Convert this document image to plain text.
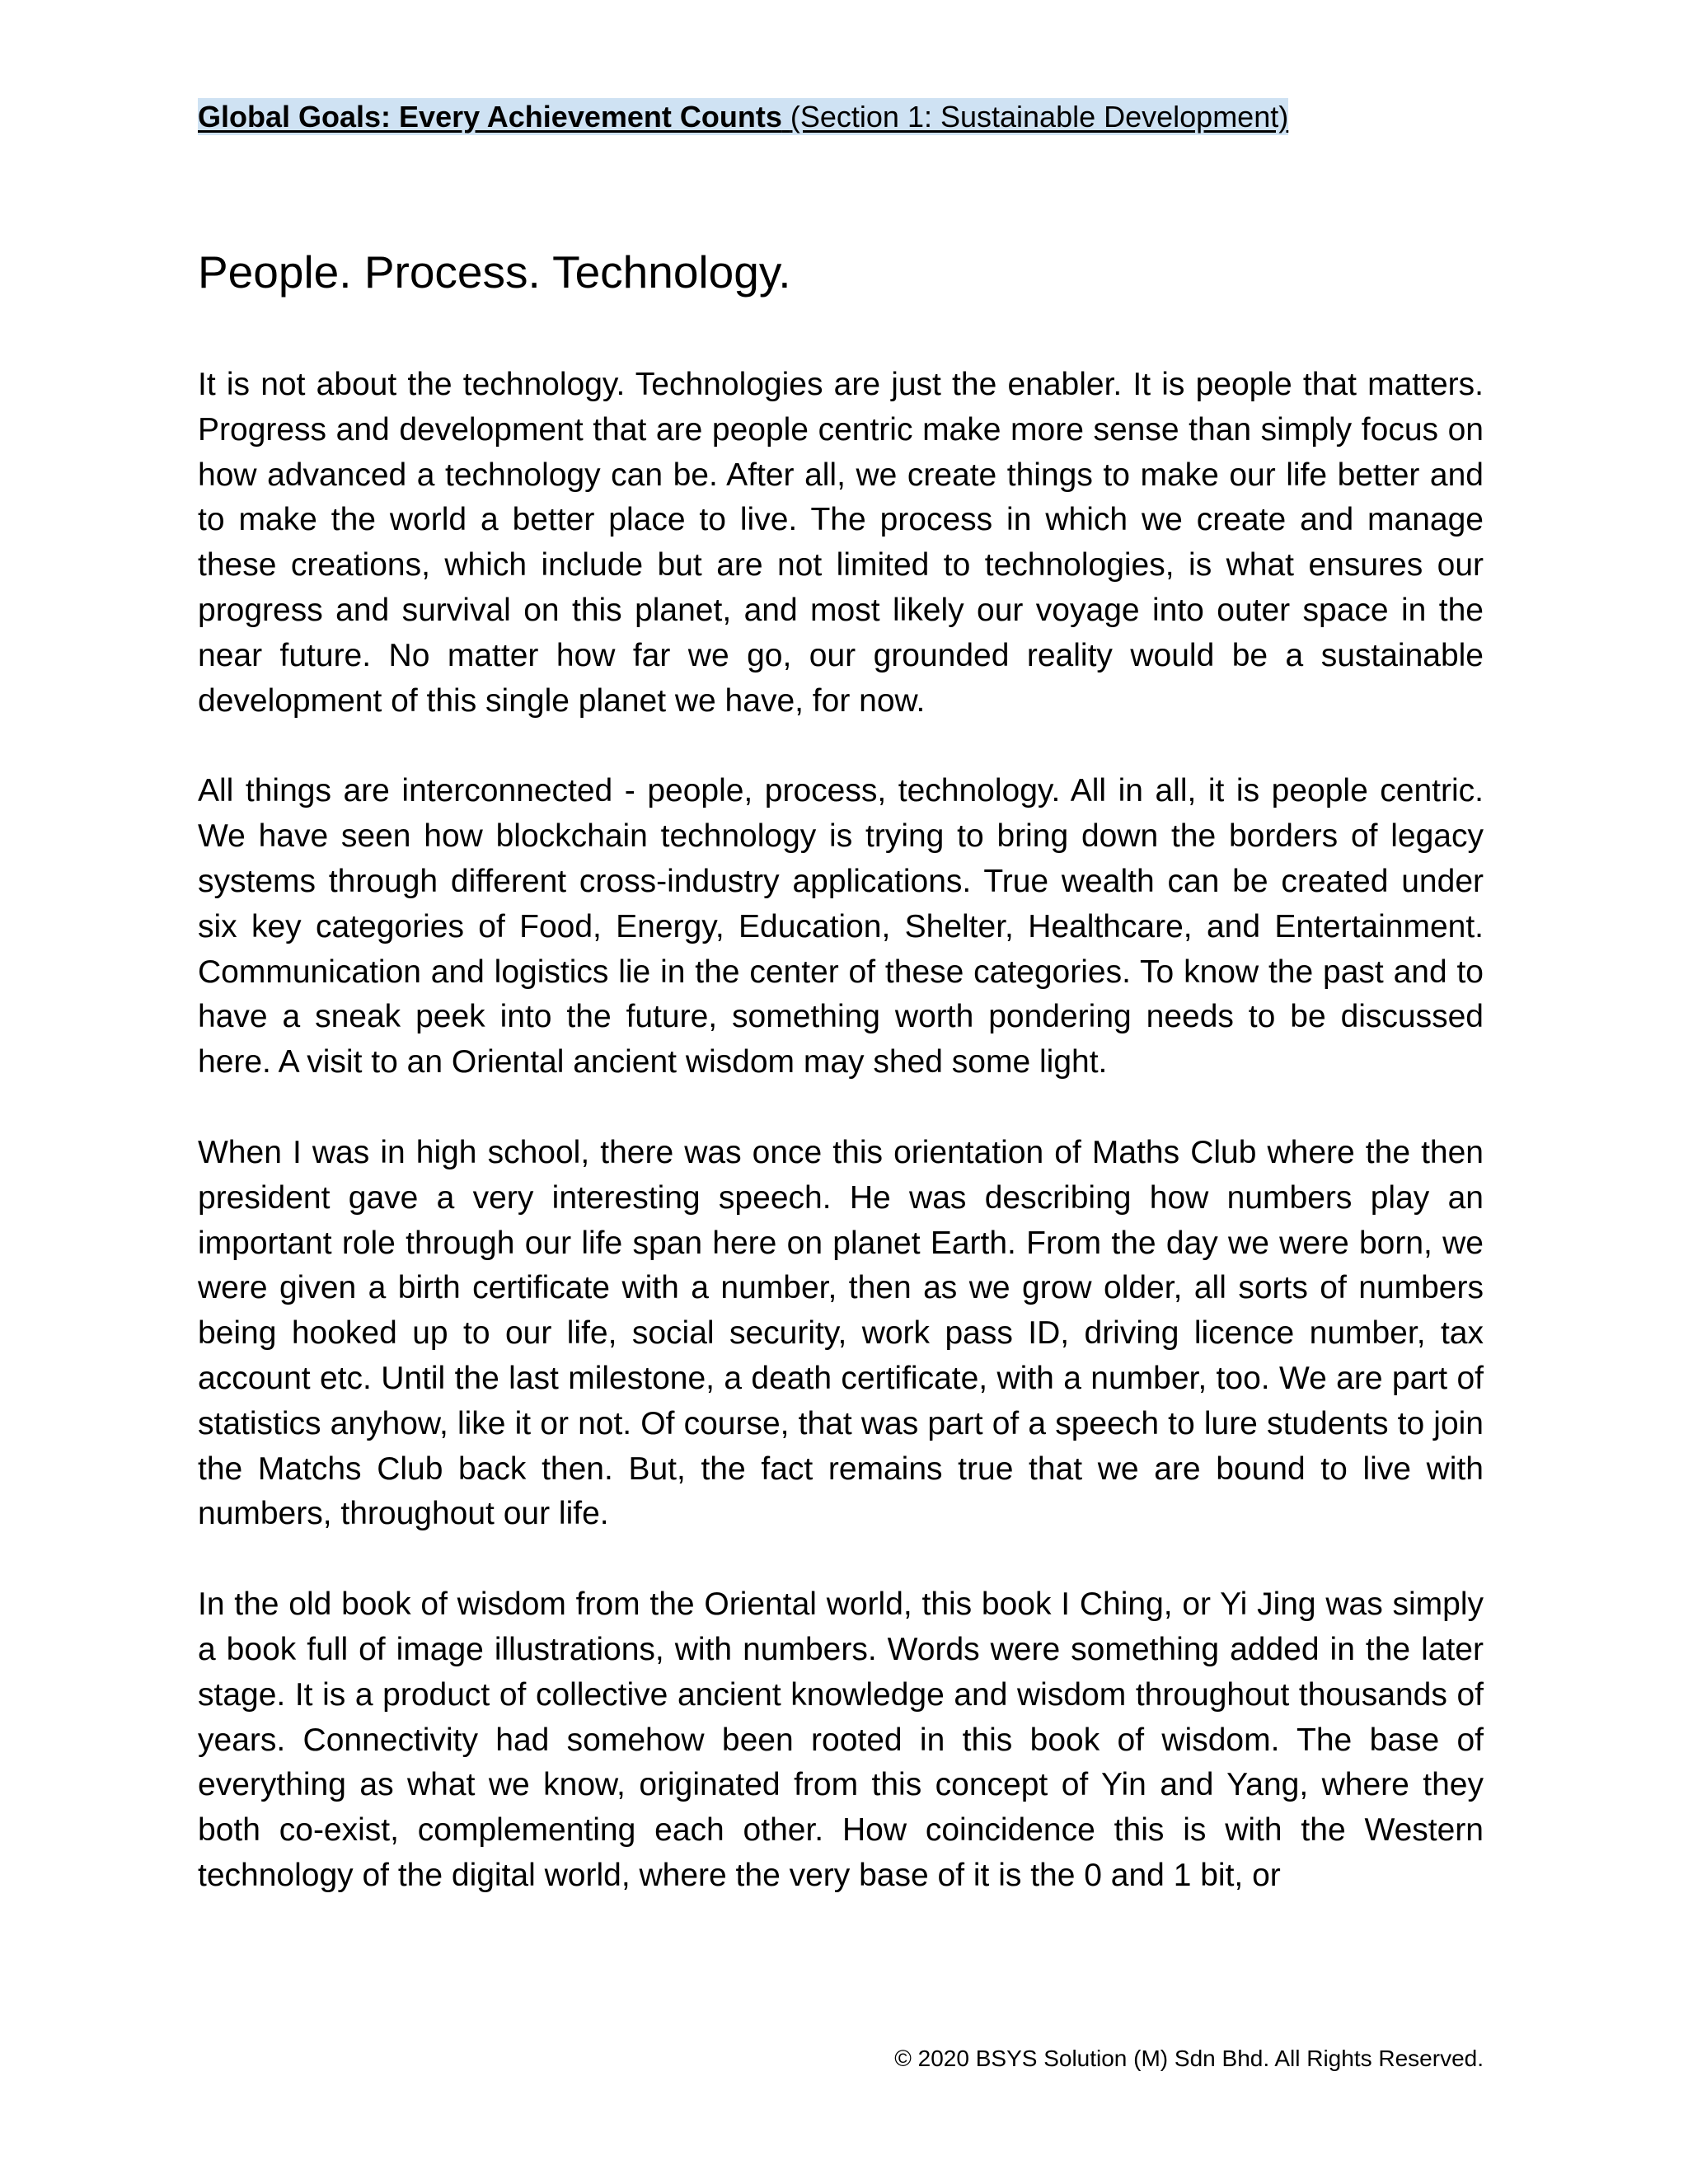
Global Goals: Every Achievement Counts (Section 1: Sustainable Development)
People. Process. Technology.

It is not about the technology. Technologies are just the enabler. It is people that matters. Progress and development that are people centric make more sense than simply focus on how advanced a technology can be. After all, we create things to make our life better and to make the world a better place to live. The process in which we create and manage these creations, which include but are not limited to technologies, is what ensures our progress and survival on this planet, and most likely our voyage into outer space in the near future. No matter how far we go, our grounded reality would be a sustainable development of this single planet we have, for now.

All things are interconnected - people, process, technology. All in all, it is people centric. We have seen how blockchain technology is trying to bring down the borders of legacy systems through different cross-industry applications. True wealth can be created under six key categories of Food, Energy, Education, Shelter, Healthcare, and Entertainment. Communication and logistics lie in the center of these categories. To know the past and to have a sneak peek into the future, something worth pondering needs to be discussed here. A visit to an Oriental ancient wisdom may shed some light.

When I was in high school, there was once this orientation of Maths Club where the then president gave a very interesting speech. He was describing how numbers play an important role through our life span here on planet Earth. From the day we were born, we were given a birth certificate with a number, then as we grow older, all sorts of numbers being hooked up to our life, social security, work pass ID, driving licence number, tax account etc. Until the last milestone, a death certificate, with a number, too. We are part of statistics anyhow, like it or not. Of course, that was part of a speech to lure students to join the Matchs Club back then. But, the fact remains true that we are bound to live with numbers, throughout our life.

In the old book of wisdom from the Oriental world, this book I Ching, or Yi Jing was simply a book full of image illustrations, with numbers. Words were something added in the later stage. It is a product of collective ancient knowledge and wisdom throughout thousands of years. Connectivity had somehow been rooted in this book of wisdom. The base of everything as what we know, originated from this concept of Yin and Yang, where they both co-exist, complementing each other. How coincidence this is with the Western technology of the digital world, where the very base of it is the 0 and 1 bit, or

© 2020 BSYS Solution (M) Sdn Bhd. All Rights Reserved.
